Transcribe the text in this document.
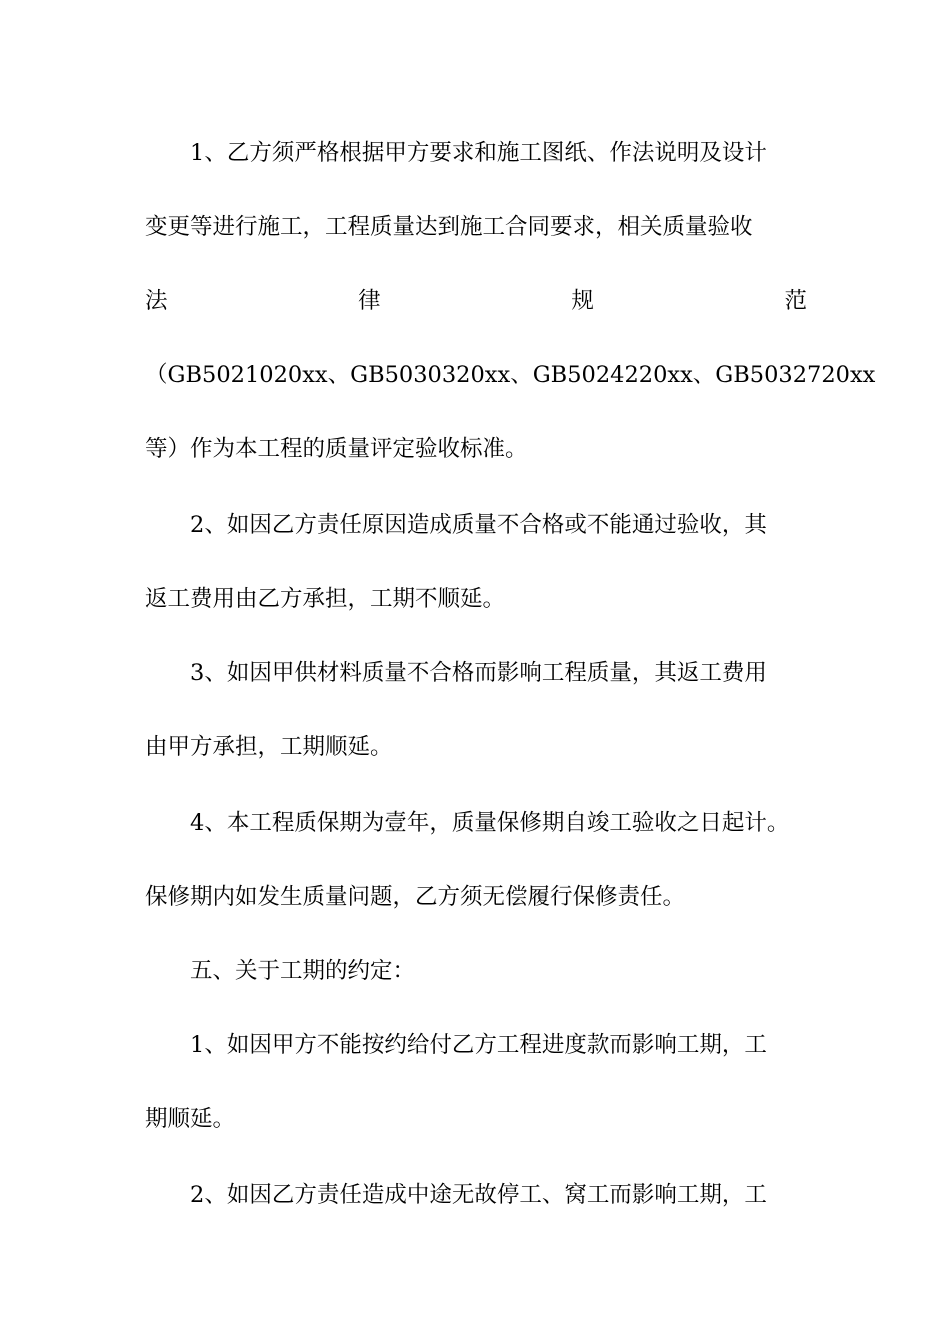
1、乙方须严格根据甲方要求和施工图纸、作法说明及设计
变更等进行施工，工程质量达到施工合同要求，相关质量验收
法	律	规	范
（GB5021020xx 、GB5030320xx 、GB5024220xx 、GB5032720xx
等）作为本工程的质量评定验收标准。
2、如因乙方责任原因造成质量不合格或不能通过验收，其
返工费用由乙方承担，工期不顺延。
3、如因甲供材料质量不合格而影响工程质量，其返工费用
由甲方承担，工期顺延。
4、本工程质保期为壹年，质量保修期自竣工验收之日起计。
保修期内如发生质量问题，乙方须无偿履行保修责任。
五、关于工期的约定：
1、如因甲方不能按约给付乙方工程进度款而影响工期，工
期顺延。
2、如因乙方责任造成中途无故停工、窝工而影响工期，工
